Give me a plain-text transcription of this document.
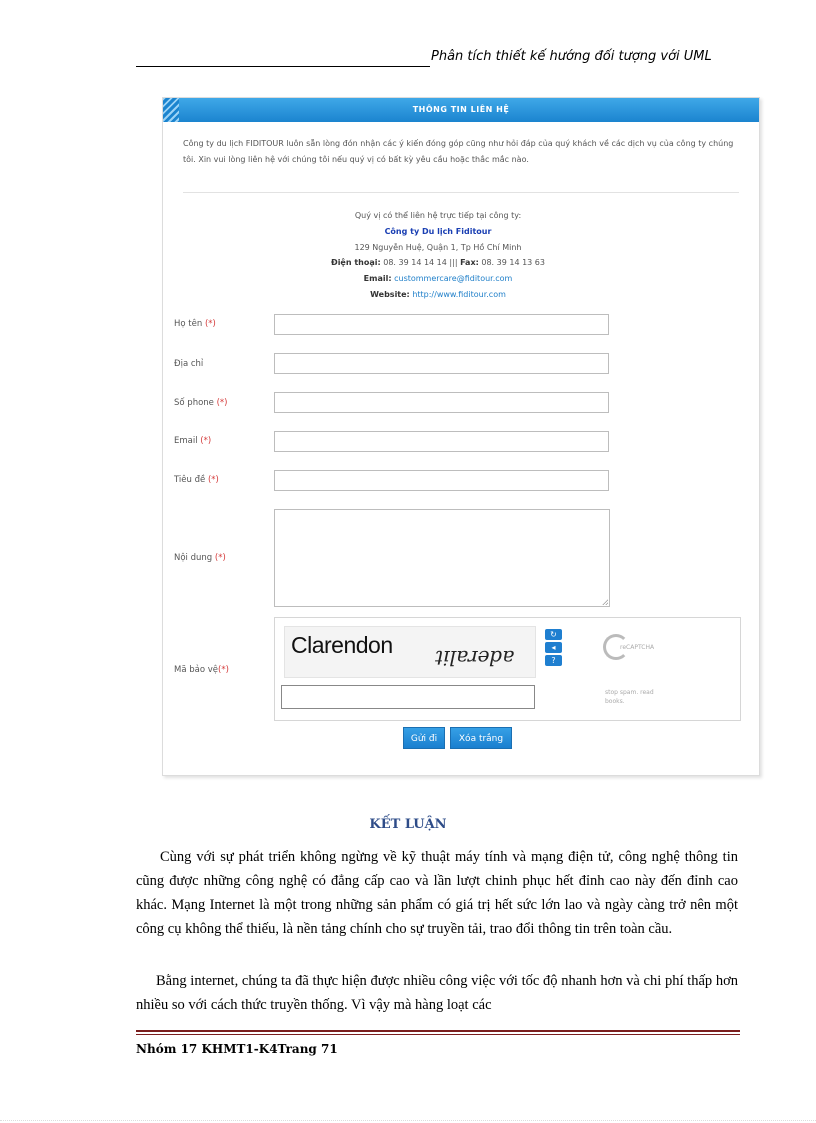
Phân tích thiết kế hướng đối tượng với UML
THÔNG TIN LIÊN HỆ
Công ty du lịch FIDITOUR luôn sẵn lòng đón nhận các ý kiến đóng góp cũng như hỏi đáp của quý khách về các dịch vụ của công ty chúng tôi. Xin vui lòng liên hệ với chúng tôi nếu quý vị có bất kỳ yêu cầu hoặc thắc mắc nào.
Quý vị có thể liên hệ trực tiếp tại công ty:
Công ty Du lịch Fiditour
129 Nguyễn Huệ, Quận 1, Tp Hồ Chí Minh
Điện thoại: 08. 39 14 14 14 ||| Fax: 08. 39 14 13 63
Email: custommercare@fiditour.com
Website: http://www.fiditour.com
Họ tên (*)
Địa chỉ
Số phone (*)
Email (*)
Tiêu đề (*)
Nội dung (*)
Mã bảo vệ(*)
Clarendon aderalit
↻
◂
?
reCAPTCHA
stop spam. read books.
Gửi đi	Xóa trắng
KẾT LUẬN

Cùng với sự phát triển không ngừng về kỹ thuật máy tính và mạng điện tử, công nghệ thông tin cũng được những công nghệ có đẳng cấp cao và lần lượt chinh phục hết đỉnh cao này đến đỉnh cao khác. Mạng Internet là một trong những sản phẩm có giá trị hết sức lớn lao và ngày càng trở nên một công cụ không thể thiếu, là nền tảng chính cho sự truyền tải, trao đổi thông tin trên toàn cầu.

Bằng internet, chúng ta đã thực hiện được nhiều công việc với tốc độ nhanh hơn và chi phí thấp hơn nhiều so với cách thức truyền thống. Vì vậy mà hàng loạt các

Nhóm 17 KHMT1-K4Trang 71
